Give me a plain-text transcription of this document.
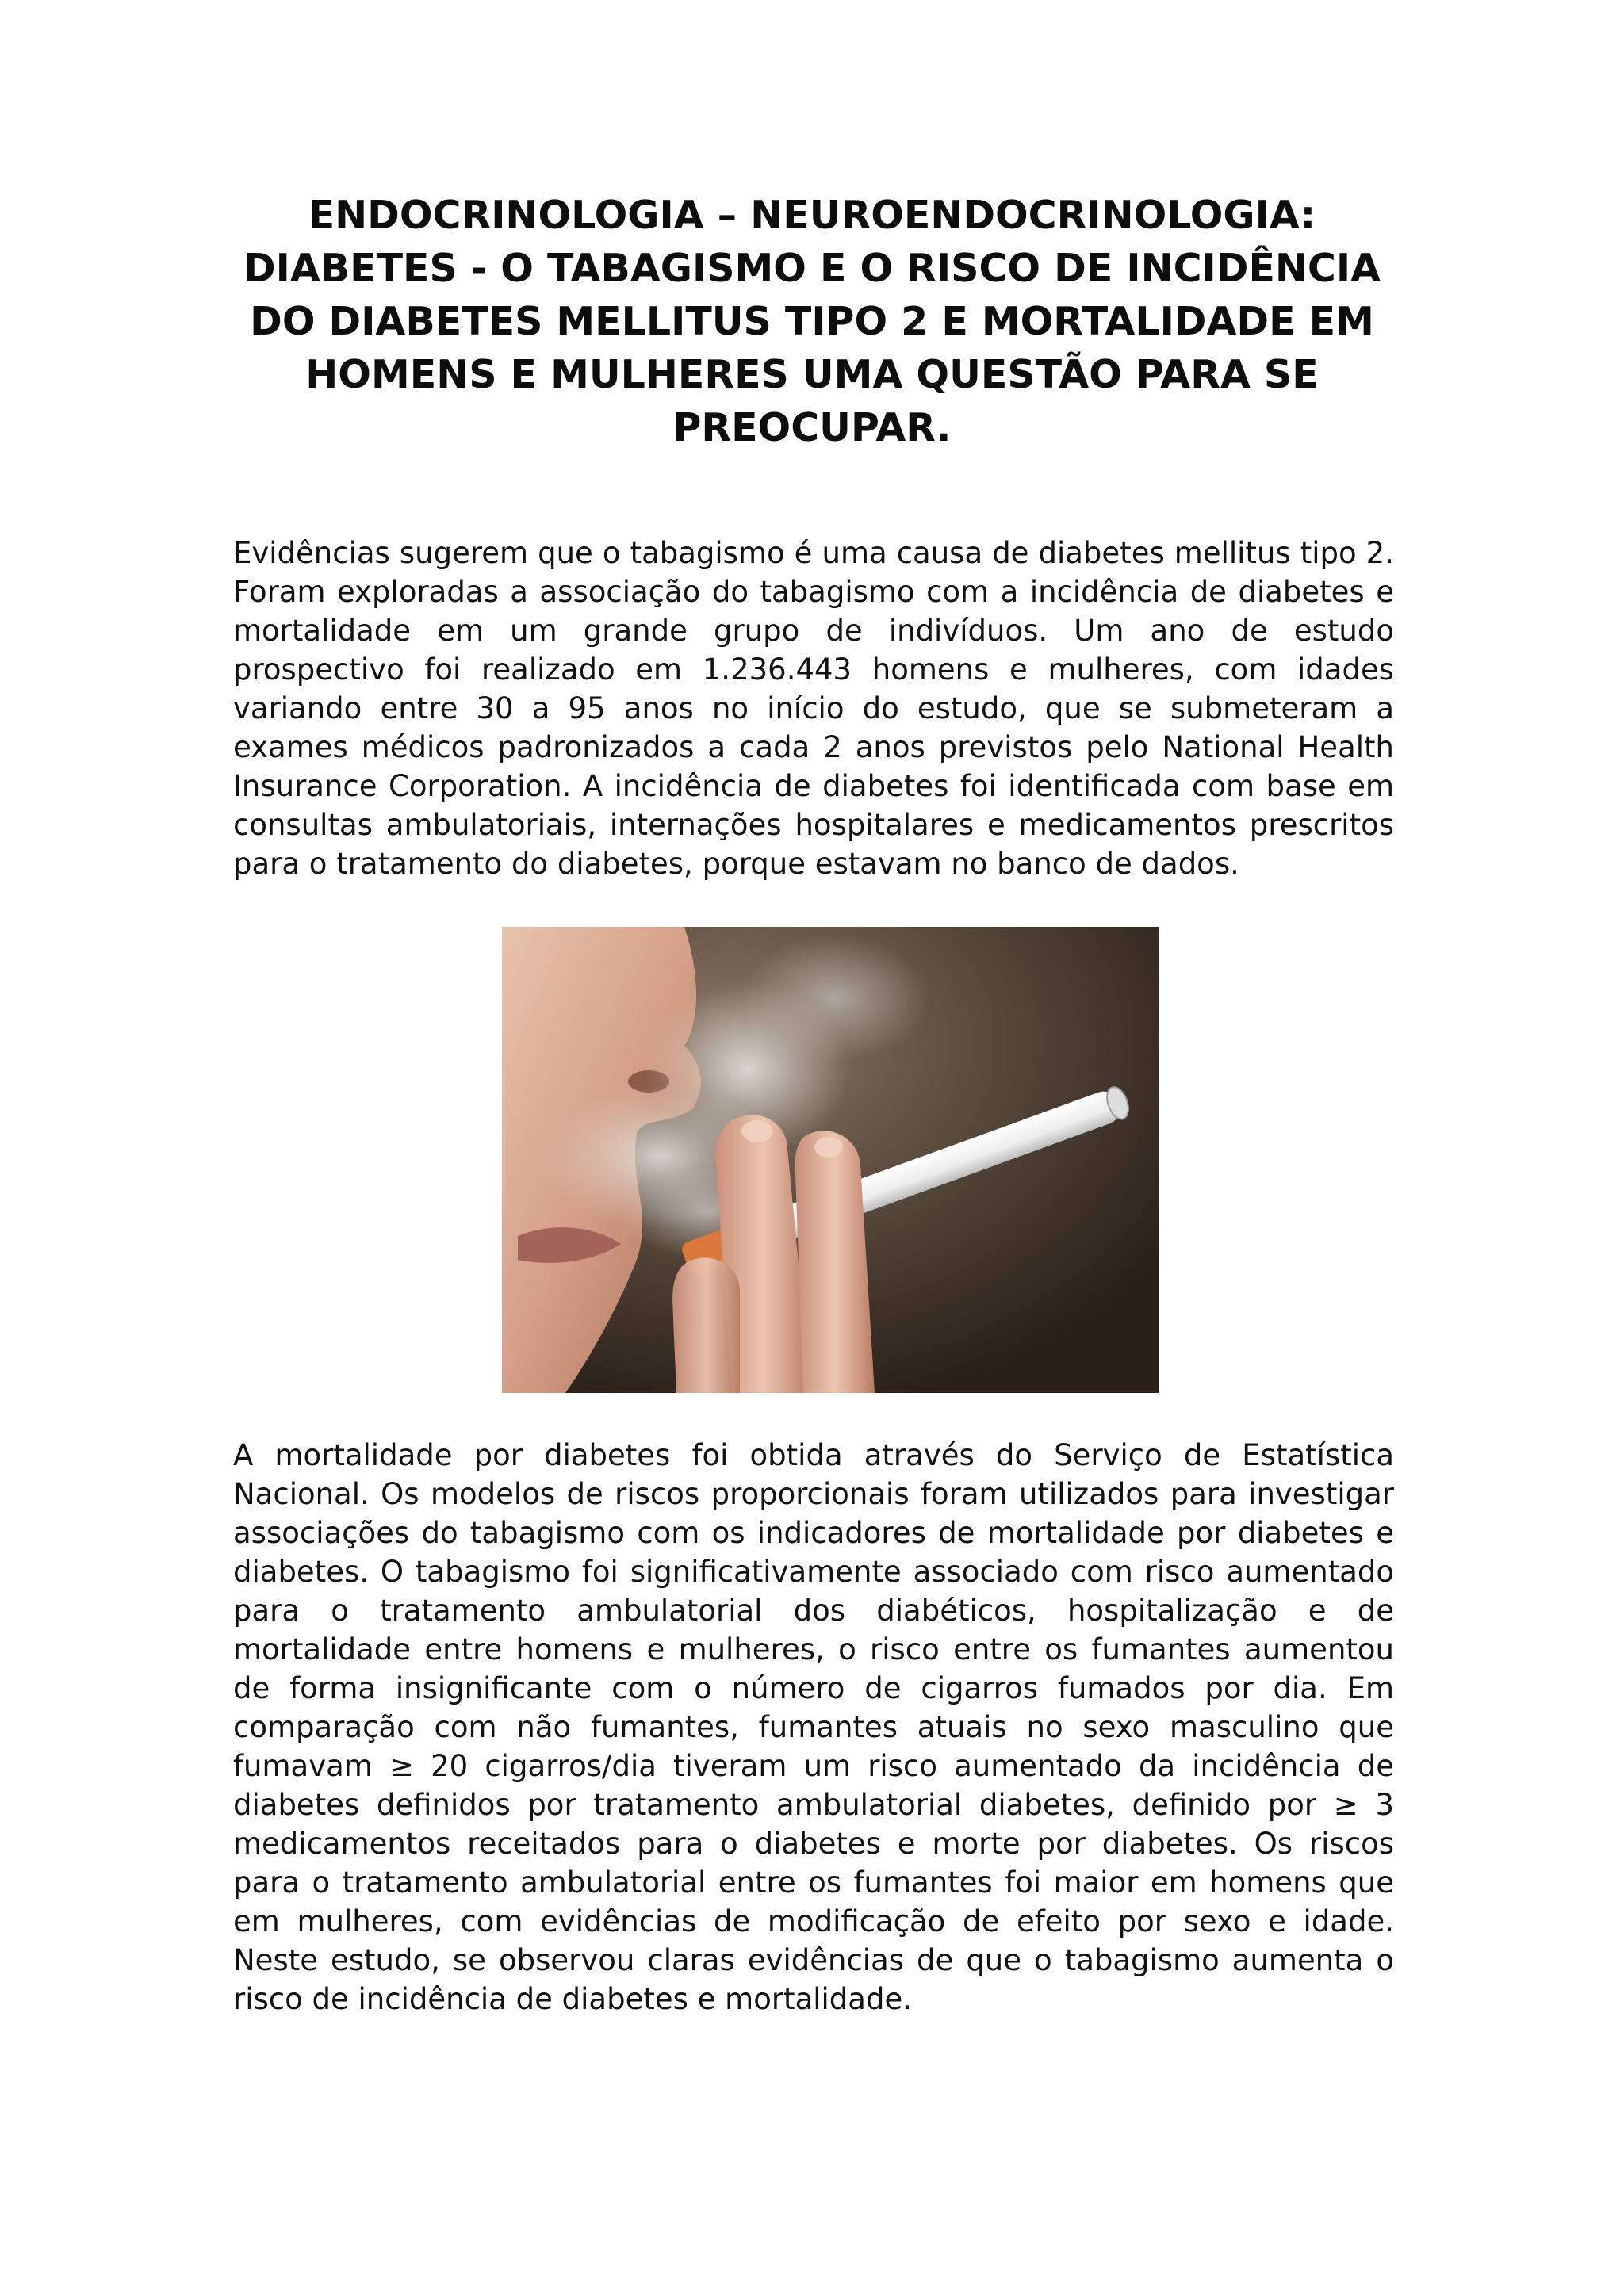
ENDOCRINOLOGIA – NEUROENDOCRINOLOGIA: DIABETES - O TABAGISMO E O RISCO DE INCIDÊNCIA DO DIABETES MELLITUS TIPO 2 E MORTALIDADE EM HOMENS E MULHERES UMA QUESTÃO PARA SE PREOCUPAR.

Evidências sugerem que o tabagismo é uma causa de diabetes mellitus tipo 2. Foram exploradas a associação do tabagismo com a incidência de diabetes e mortalidade em um grande grupo de indivíduos. Um ano de estudo prospectivo foi realizado em 1.236.443 homens e mulheres, com idades variando entre 30 a 95 anos no início do estudo, que se submeteram a exames médicos padronizados a cada 2 anos previstos pelo National Health Insurance Corporation. A incidência de diabetes foi identificada com base em consultas ambulatoriais, internações hospitalares e medicamentos prescritos para o tratamento do diabetes, porque estavam no banco de dados.

A mortalidade por diabetes foi obtida através do Serviço de Estatística Nacional. Os modelos de riscos proporcionais foram utilizados para investigar associações do tabagismo com os indicadores de mortalidade por diabetes e diabetes. O tabagismo foi significativamente associado com risco aumentado para o tratamento ambulatorial dos diabéticos, hospitalização e de mortalidade entre homens e mulheres, o risco entre os fumantes aumentou de forma insignificante com o número de cigarros fumados por dia. Em comparação com não fumantes, fumantes atuais no sexo masculino que fumavam ≥ 20 cigarros/dia tiveram um risco aumentado da incidência de diabetes definidos por tratamento ambulatorial diabetes, definido por ≥ 3 medicamentos receitados para o diabetes e morte por diabetes. Os riscos para o tratamento ambulatorial entre os fumantes foi maior em homens que em mulheres, com evidências de modificação de efeito por sexo e idade. Neste estudo, se observou claras evidências de que o tabagismo aumenta o risco de incidência de diabetes e mortalidade.
